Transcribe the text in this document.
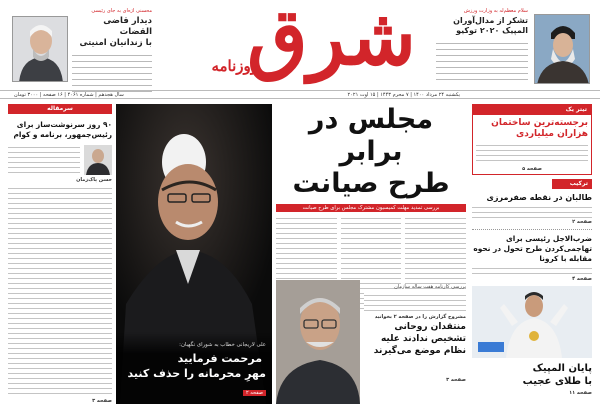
محسنی اژه‌ای به جای رئیسی
دیدار قاضی القضات
با زندانیان امنیتی شرق
روزنامه
سلام معظم‌له به وزارت ورزش
تشکر از مدال‌آوران
المپیک ۲۰۲۰ توکیو
یکشنبه ۲۴ مرداد ۱۴۰۰ | ۷ محرم ۱۴۴۳ | ۱۵ اوت ۲۰۲۱
سال هجدهم | شماره ۴۰۶۱ | ۱۶ صفحه | ۳۰۰۰ تومان
سرمقاله
۹۰ روز سرنوشت‌ساز برای رئیس‌جمهور، برنامه و کوام
حسن پاک‌زمان
صفحه ۳
علی لاریجانی خطاب به شورای نگهبان:
مرحمت فرمایید
مهرِ محرمانه را حذف کنید
صفحه ۲
مجلس در برابر
طرح صیانت
بررسی تمدید مهلت کمیسیون مشترک مجلس برای طرح صیانت
مشروح گزارش را در صفحه ۲ بخوانید
بررسی کارنامه هفت ساله سازمان
منتقدان روحانی
تشخیص ندادند علیه
نظام موضع می‌گیرند
صفحه ۳
تیتر یک
برجسته‌ترین ساختمان
هزاران میلیاردی
صفحه ۵
ترکیب
طالبان در نقطه صفرمرزی
صفحه ۲
ضرب‌الاجل رئیسی برای تهاجمی‌کردن طرح تحول در نحوه مقابله با کرونا
صفحه ۴
پایان المپیک
با طلای عجیب
صفحه ۱۱
